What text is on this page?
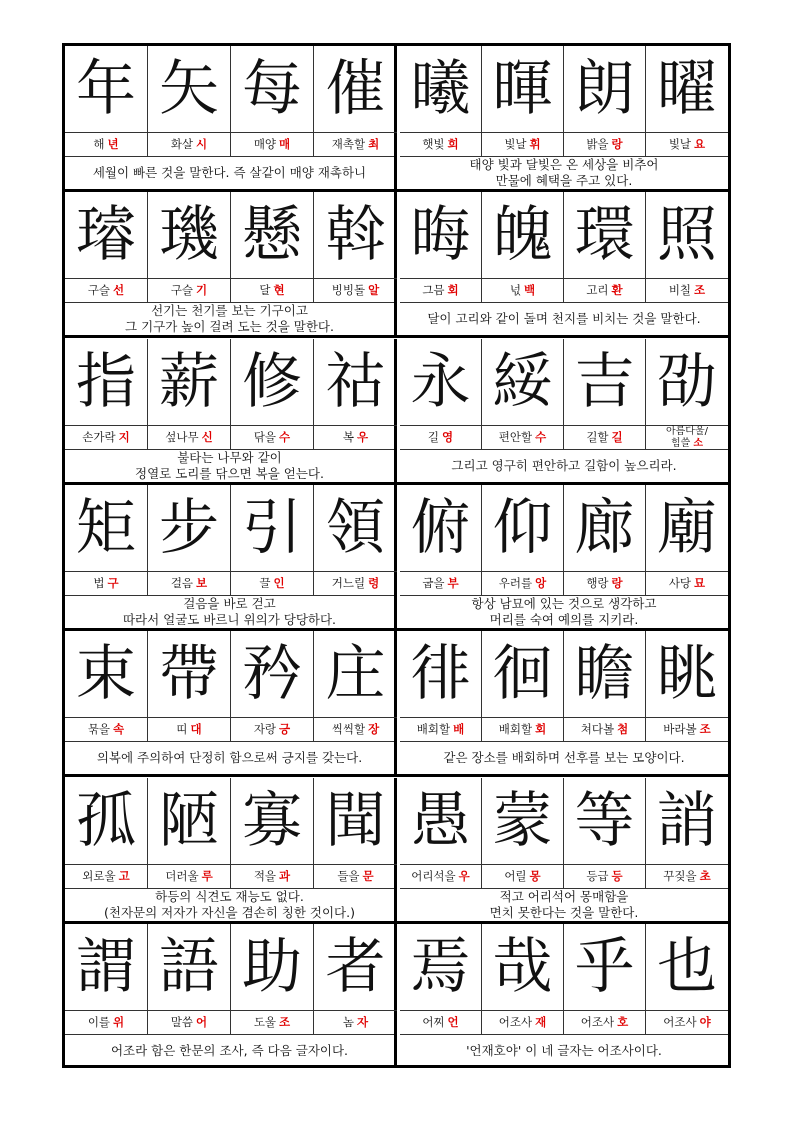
年
해 년
矢
화살 시
每
매양 매
催
재촉할 최
세월이 빠른 것을 말한다. 즉 살같이 매양 재촉하니
曦
햇빛 희
暉
빛날 휘
朗
밝을 랑
曜
빛날 요
태양 빛과 달빛은 온 세상을 비추어
만물에 혜택을 주고 있다.
璿
구슬 선
璣
구슬 기
懸
달 현
斡
빙빙돌 알
선기는 천기를 보는 기구이고
그 기구가 높이 걸려 도는 것을 말한다.
晦
그믐 회
魄
넋 백
環
고리 환
照
비칠 조
달이 고리와 같이 돌며 천지를 비치는 것을 말한다.
指
손가락 지
薪
섶나무 신
修
닦을 수
祜
복 우
불타는 나무와 같이
정열로 도리를 닦으면 복을 얻는다.
永
길 영
綏
편안할 수
吉
길할 길
劭
아름다울/
힘쓸 소
그리고 영구히 편안하고 길함이 높으리라.
矩
법 구
步
걸음 보
引
끌 인
領
거느릴 령
걸음을 바로 걷고
따라서 얼굴도 바르니 위의가 당당하다.
俯
굽을 부
仰
우러를 앙
廊
행랑 랑
廟
사당 묘
항상 남묘에 있는 것으로 생각하고
머리를 숙여 예의를 지키라.
束
묶을 속
帶
띠 대
矜
자랑 긍
庄
씩씩할 장
의복에 주의하여 단정히 함으로써 긍지를 갖는다.
徘
배회할 배
徊
배회할 회
瞻
쳐다볼 첨
眺
바라볼 조
같은 장소를 배회하며 선후를 보는 모양이다.
孤
외로울 고
陋
더러울 루
寡
적을 과
聞
들을 문
하등의 식견도 재능도 없다.
(천자문의 저자가 자신을 겸손히 칭한 것이다.)
愚
어리석을 우
蒙
어릴 몽
等
등급 등
誚
꾸짖을 초
적고 어리석어 몽매함을
면치 못한다는 것을 말한다.
謂
이를 위
語
말씀 어
助
도울 조
者
놈 자
어조라 함은 한문의 조사, 즉 다음 글자이다.
焉
어찌 언
哉
어조사 재
乎
어조사 호
也
어조사 야
'언재호야' 이 네 글자는 어조사이다.
